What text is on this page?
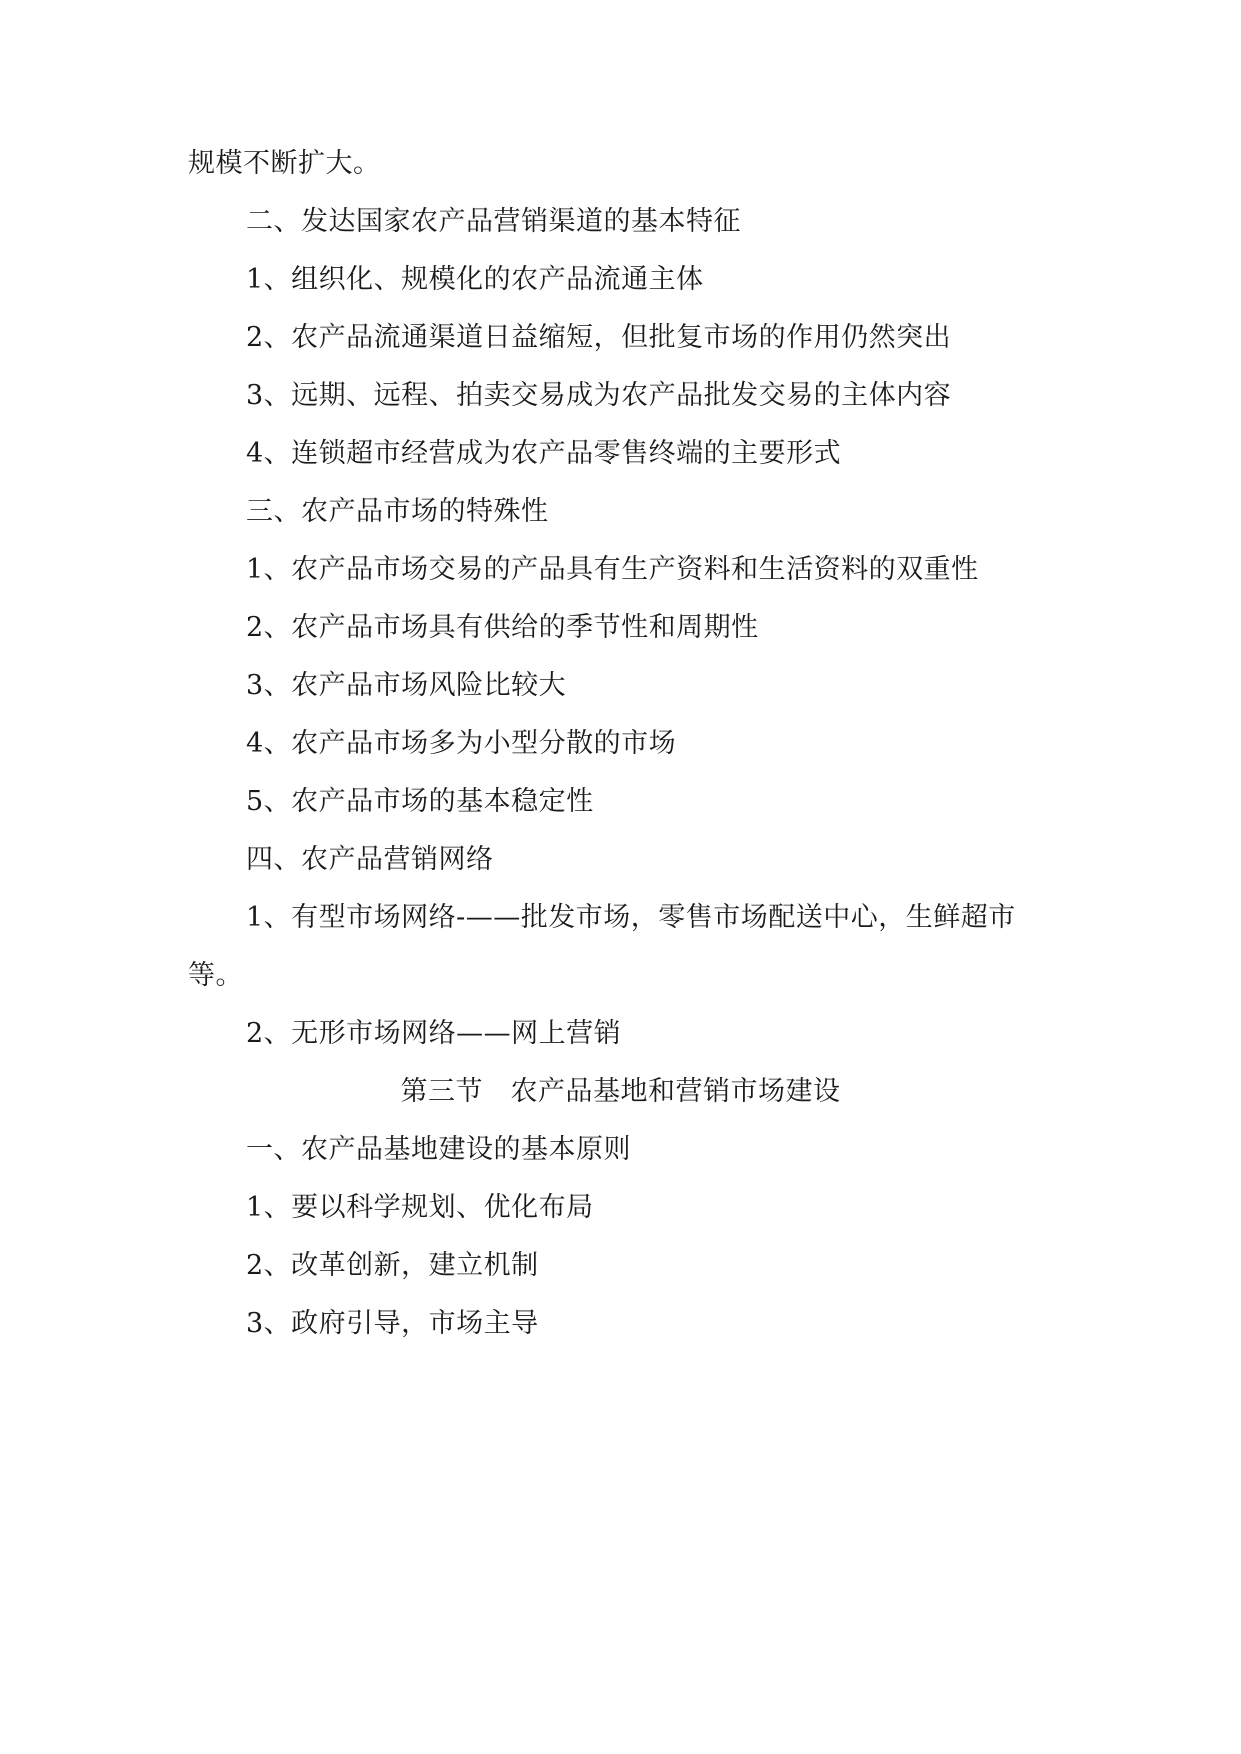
规模不断扩大。
二、发达国家农产品营销渠道的基本特征
1、组织化、规模化的农产品流通主体
2、农产品流通渠道日益缩短，但批复市场的作用仍然突出
3、远期、远程、拍卖交易成为农产品批发交易的主体内容
4、连锁超市经营成为农产品零售终端的主要形式
三、农产品市场的特殊性
1、农产品市场交易的产品具有生产资料和生活资料的双重性
2、农产品市场具有供给的季节性和周期性
3、农产品市场风险比较大
4、农产品市场多为小型分散的市场
5、农产品市场的基本稳定性
四、农产品营销网络
1、有型市场网络-——批发市场，零售市场配送中心，生鲜超市
等。
2、无形市场网络——网上营销
第三节　农产品基地和营销市场建设
一、农产品基地建设的基本原则
1、要以科学规划、优化布局
2、改革创新，建立机制
3、政府引导，市场主导
